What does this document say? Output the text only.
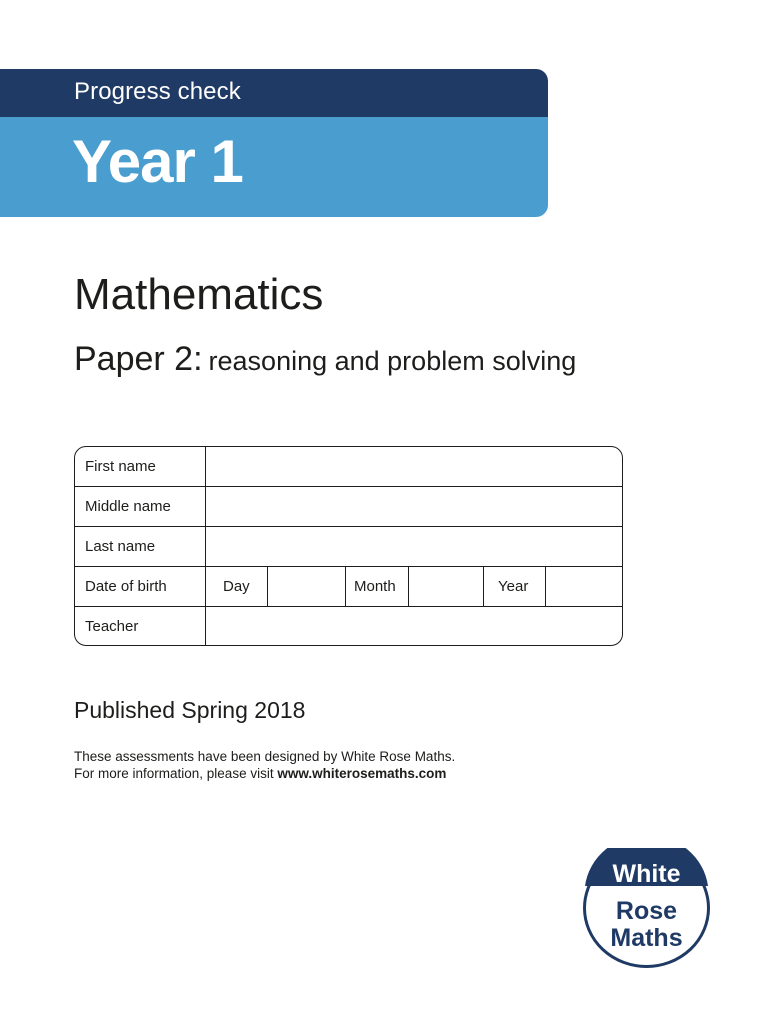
Progress check
Year 1
Mathematics
Paper 2: reasoning and problem solving
First name
Middle name
Last name
Date of birth	Day	Month	Year
Teacher
Published Spring 2018
These assessments have been designed by White Rose Maths.
For more information, please visit www.whiterosemaths.com
White
Rose
Maths
